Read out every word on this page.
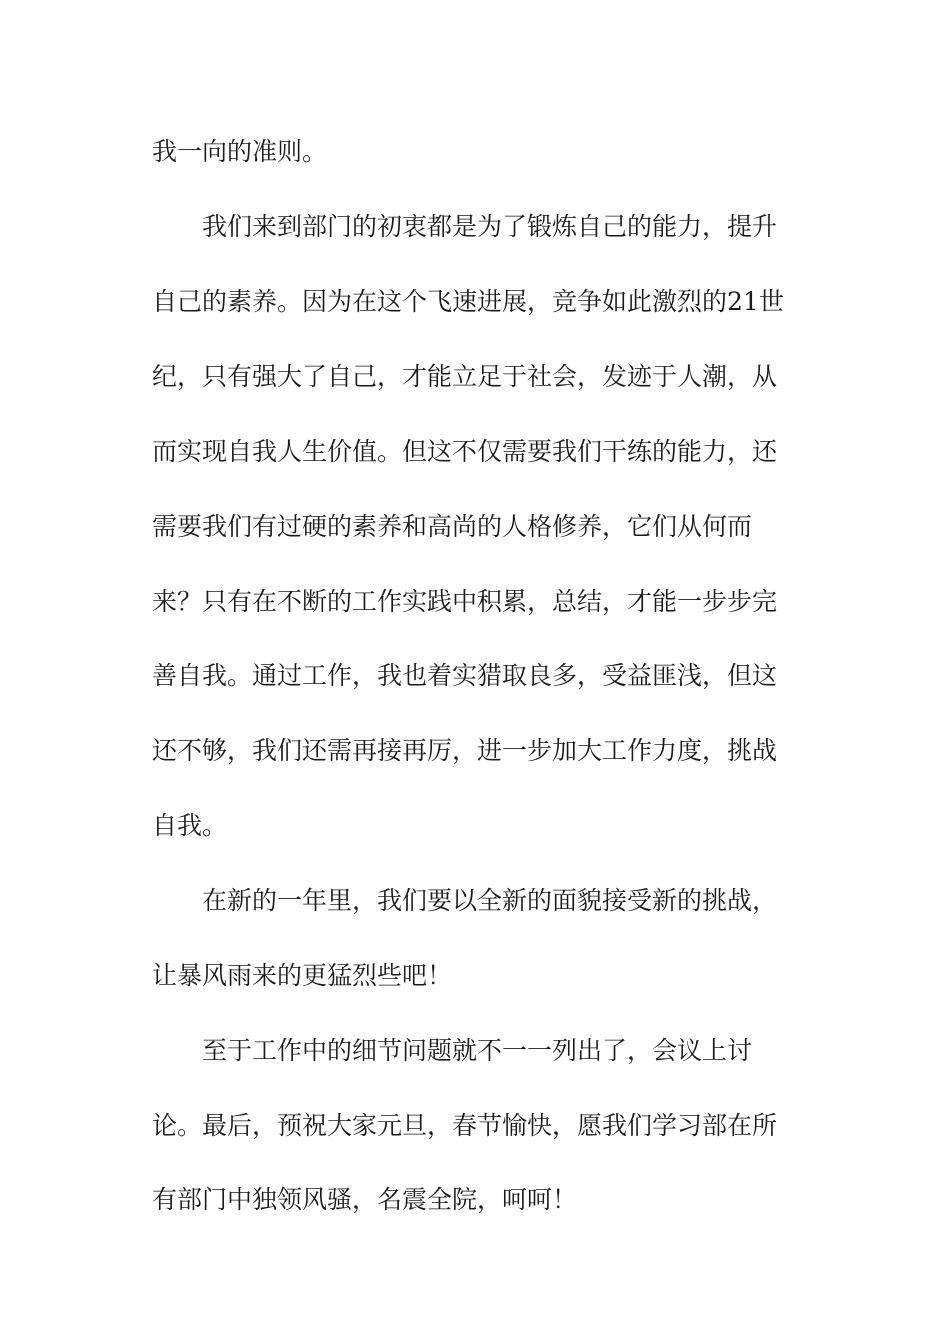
我一向的准则。
我们来到部门的初衷都是为了锻炼自己的能力，提升
自己的素养。因为在这个飞速进展，竞争如此激烈的21世
纪，只有强大了自己，才能立足于社会，发迹于人潮，从
而实现自我人生价值。但这不仅需要我们干练的能力，还
需要我们有过硬的素养和高尚的人格修养，它们从何而
来？只有在不断的工作实践中积累，总结，才能一步步完
善自我。通过工作，我也着实猎取良多，受益匪浅，但这
还不够，我们还需再接再厉，进一步加大工作力度，挑战
自我。
在新的一年里，我们要以全新的面貌接受新的挑战，
让暴风雨来的更猛烈些吧！
至于工作中的细节问题就不一一列出了，会议上讨
论。最后，预祝大家元旦，春节愉快，愿我们学习部在所
有部门中独领风骚，名震全院，呵呵！
